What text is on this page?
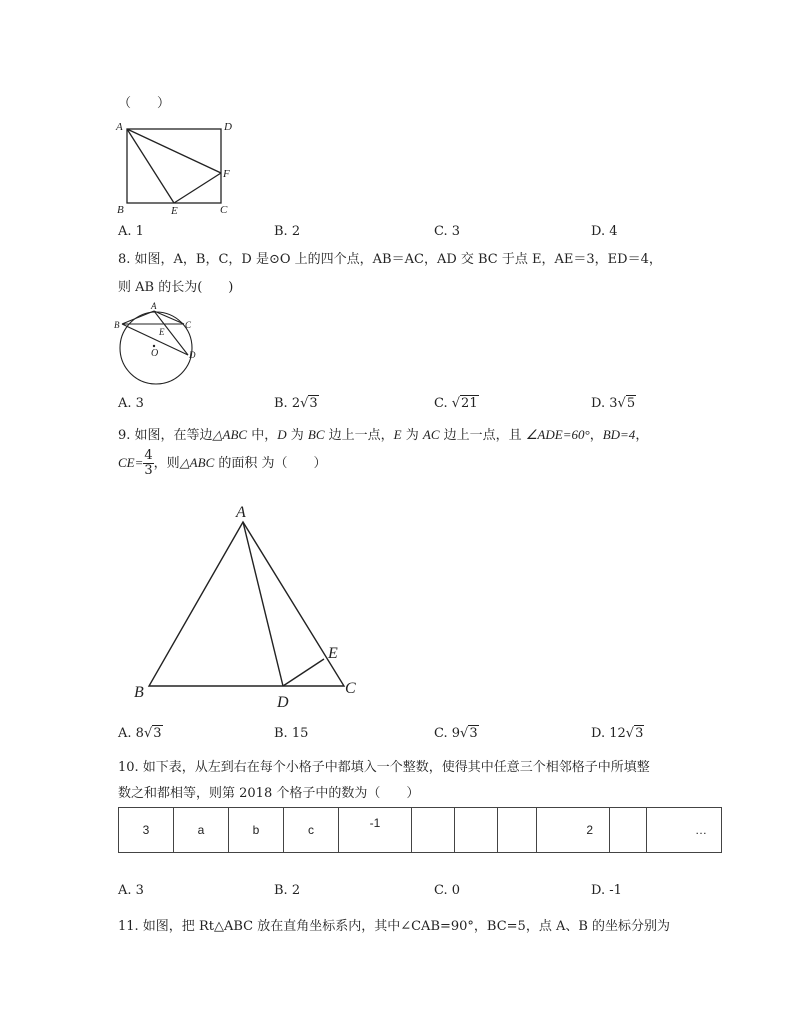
（　　）
A	D
F
B	E	C
A. 1	B. 2	C. 3	D. 4
8. 如图，A，B，C，D 是⊙O 上的四个点，AB＝AC，AD 交 BC 于点 E，AE＝3，ED＝4，
则 AB 的长为(　　)
A
B	C
E
O	D
A. 3	B. 2√3	C. √21	D. 3√5
9. 如图，在等边△ABC 中，D 为 BC 边上一点，E 为 AC 边上一点，且 ∠ADE=60°，BD=4，
$CE= \frac{4}{3}$ ，则△ABC 的面积 为（　　）
A
B	C
D
E
A. 8√3	B. 15	C. 9√3	D. 12√3
10. 如下表，从左到右在每个小格子中都填入一个整数，使得其中任意三个相邻格子中所填整
数之和都相等，则第 2018 个格子中的数为（　　）
3	a	b	c	-1				2		…
A. 3	B. 2	C. 0	D. -1
11. 如图，把 Rt△ABC 放在直角坐标系内，其中∠CAB=90°，BC=5，点 A、B 的坐标分别为
